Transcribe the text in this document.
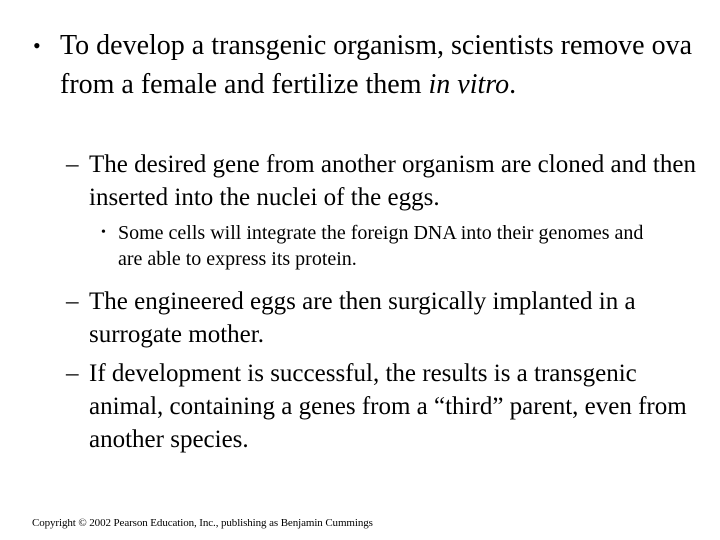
• To develop a transgenic organism, scientists remove ova from a female and fertilize them in vitro.
– The desired gene from another organism are cloned and then inserted into the nuclei of the eggs.
• Some cells will integrate the foreign DNA into their genomes and are able to express its protein.
– The engineered eggs are then surgically implanted in a surrogate mother.
– If development is successful, the results is a transgenic animal, containing a genes from a “third” parent, even from another species.
Copyright © 2002 Pearson Education, Inc., publishing as Benjamin Cummings
